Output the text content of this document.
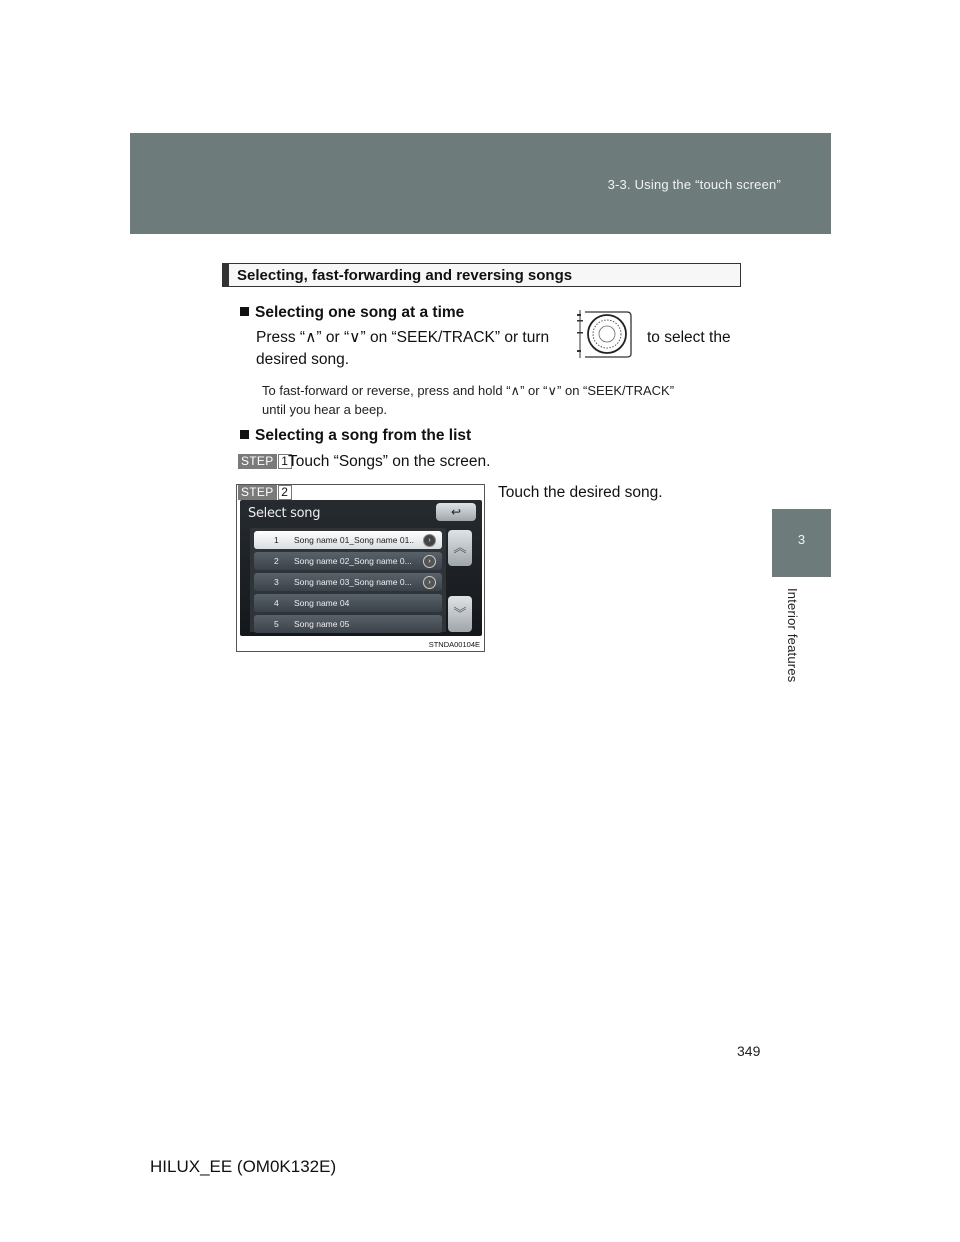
3-3. Using the “touch screen”
3
Interior features
Selecting, fast-forwarding and reversing songs
Selecting one song at a time
Press “∧” or “∨” on “SEEK/TRACK” or turn	to select the
desired song.
To fast-forward or reverse, press and hold “∧” or “∨” on “SEEK/TRACK”
until you hear a beep.
Selecting a song from the list
STEP 1 Touch “Songs” on the screen.
Touch the desired song.
STEP 2
Select song	↩
1 Song name 01_Song name 01..	›
2 Song name 02_Song name 0...	›
3 Song name 03_Song name 0...	›
4 Song name 04
5 Song name 05
︽
︾
STNDA00104E
349
HILUX_EE (OM0K132E)
